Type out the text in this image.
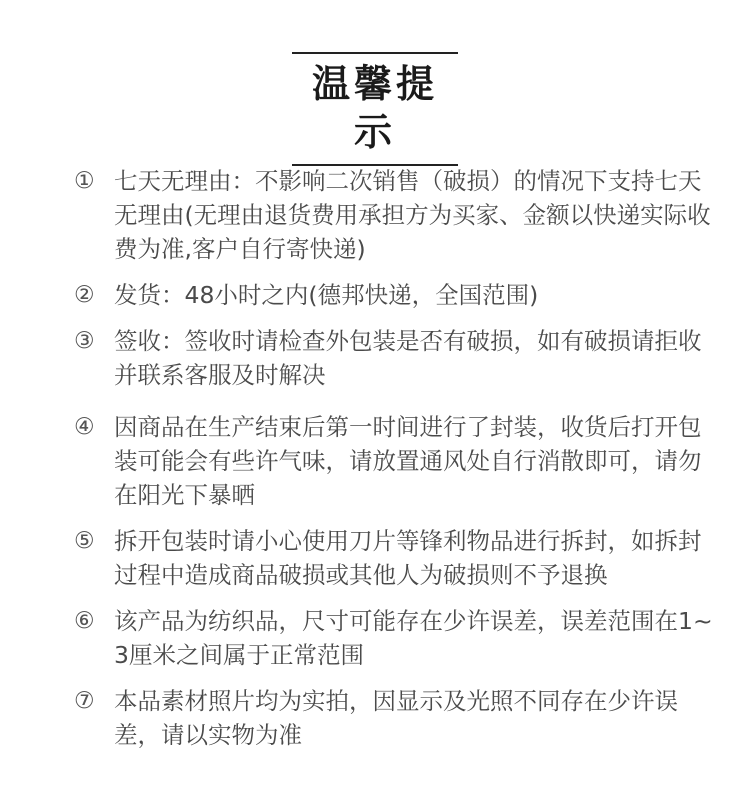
温馨提示
① 七天无理由：不影响二次销售（破损）的情况下支持七天无理由(无理由退货费用承担方为买家、金额以快递实际收费为准,客户自行寄快递)
② 发货：48小时之内(德邦快递，全国范围)
③ 签收：签收时请检查外包装是否有破损，如有破损请拒收并联系客服及时解决
④ 因商品在生产结束后第一时间进行了封装，收货后打开包装可能会有些许气味，请放置通风处自行消散即可，请勿在阳光下暴晒
⑤ 拆开包装时请小心使用刀片等锋利物品进行拆封，如拆封过程中造成商品破损或其他人为破损则不予退换
⑥ 该产品为纺织品，尺寸可能存在少许误差，误差范围在1~3厘米之间属于正常范围
⑦ 本品素材照片均为实拍，因显示及光照不同存在少许误差，请以实物为准
